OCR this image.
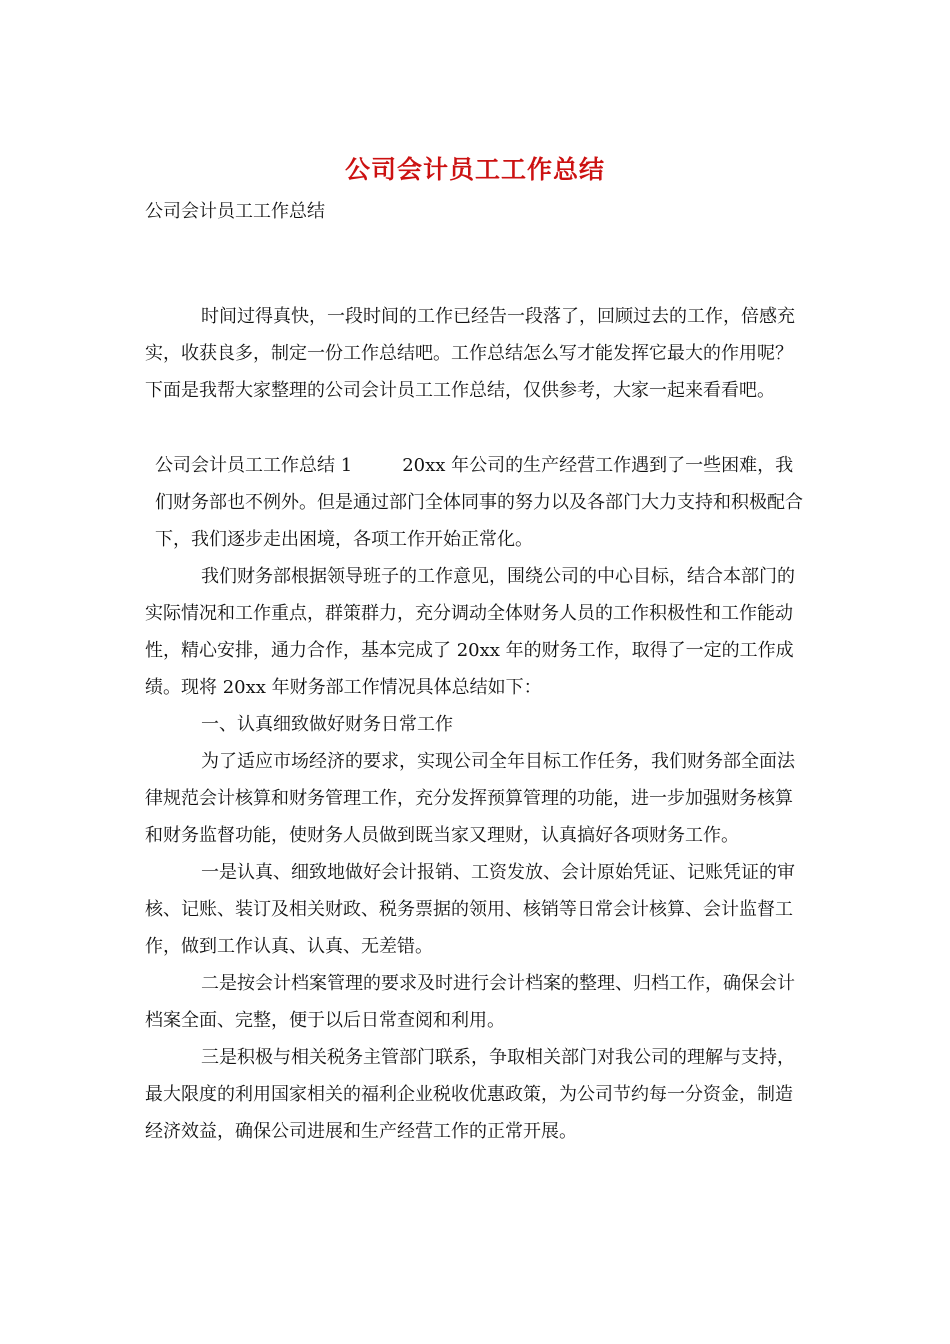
公司会计员工工作总结
公司会计员工工作总结

时间过得真快，一段时间的工作已经告一段落了，回顾过去的工作，倍感充实，收获良多，制定一份工作总结吧。工作总结怎么写才能发挥它最大的作用呢？下面是我帮大家整理的公司会计员工工作总结，仅供参考，大家一起来看看吧。

公司会计员工工作总结 1	20xx 年公司的生产经营工作遇到了一些困难，我们财务部也不例外。但是通过部门全体同事的努力以及各部门大力支持和积极配合下，我们逐步走出困境，各项工作开始正常化。

我们财务部根据领导班子的工作意见，围绕公司的中心目标，结合本部门的实际情况和工作重点，群策群力，充分调动全体财务人员的工作积极性和工作能动性，精心安排，通力合作，基本完成了 20xx 年的财务工作，取得了一定的工作成绩。现将 20xx 年财务部工作情况具体总结如下：

一、认真细致做好财务日常工作

为了适应市场经济的要求，实现公司全年目标工作任务，我们财务部全面法律规范会计核算和财务管理工作，充分发挥预算管理的功能，进一步加强财务核算和财务监督功能，使财务人员做到既当家又理财，认真搞好各项财务工作。

一是认真、细致地做好会计报销、工资发放、会计原始凭证、记账凭证的审核、记账、装订及相关财政、税务票据的领用、核销等日常会计核算、会计监督工作，做到工作认真、认真、无差错。

二是按会计档案管理的要求及时进行会计档案的整理、归档工作，确保会计档案全面、完整，便于以后日常查阅和利用。

三是积极与相关税务主管部门联系，争取相关部门对我公司的理解与支持，最大限度的利用国家相关的福利企业税收优惠政策，为公司节约每一分资金，制造经济效益，确保公司进展和生产经营工作的正常开展。
